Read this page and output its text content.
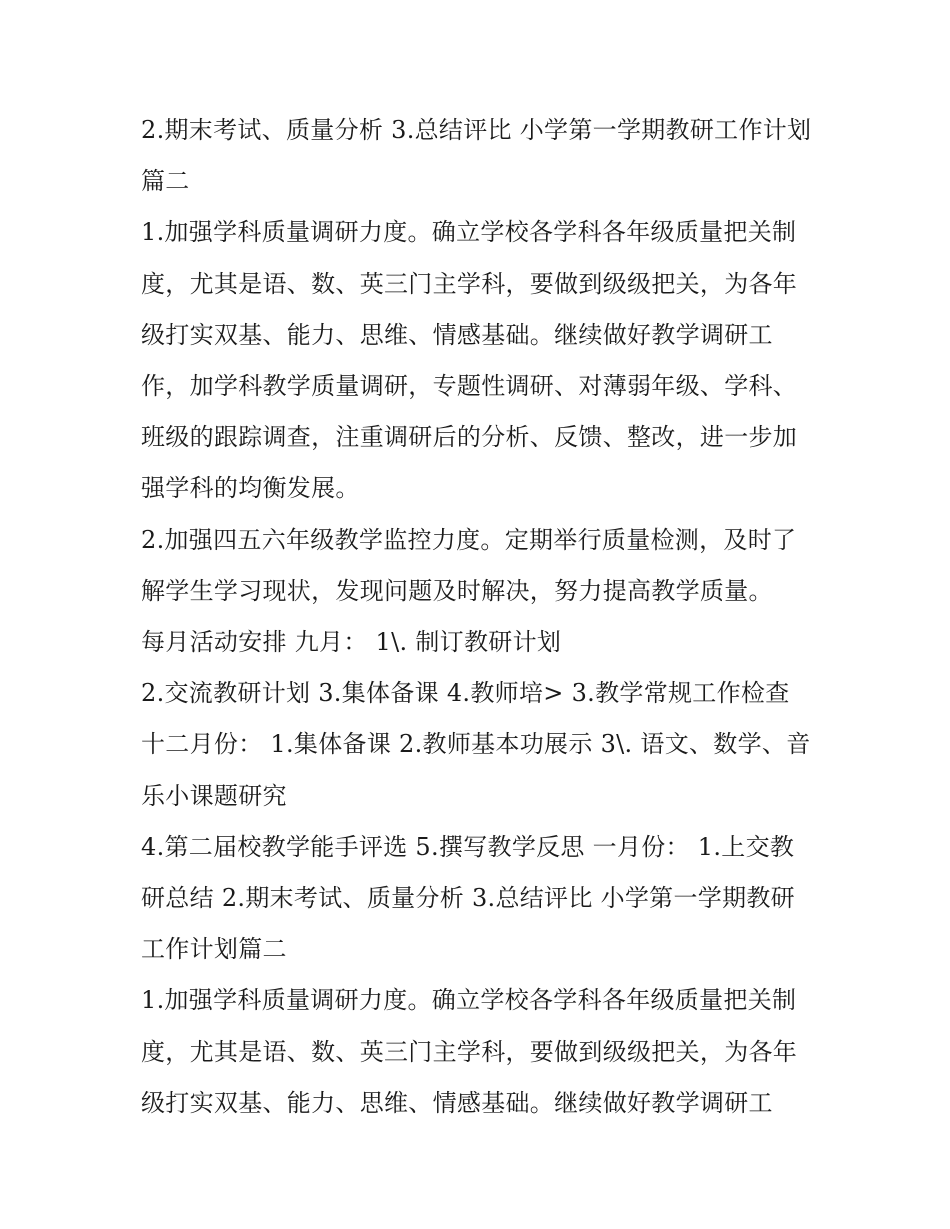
2.期末考试、质量分析 3.总结评比 小学第一学期教研工作计划篇二

1.加强学科质量调研力度。确立学校各学科各年级质量把关制度，尤其是语、数、英三门主学科，要做到级级把关，为各年级打实双基、能力、思维、情感基础。继续做好教学调研工作，加学科教学质量调研，专题性调研、对薄弱年级、学科、班级的跟踪调查，注重调研后的分析、反馈、整改，进一步加强学科的均衡发展。

2.加强四五六年级教学监控力度。定期举行质量检测，及时了解学生学习现状，发现问题及时解决，努力提高教学质量。

每月活动安排 九月： 1\. 制订教研计划

2.交流教研计划 3.集体备课 4.教师培> 3.教学常规工作检查 十二月份： 1.集体备课 2.教师基本功展示 3\. 语文、数学、音乐小课题研究

4.第二届校教学能手评选 5.撰写教学反思 一月份： 1.上交教研总结 2.期末考试、质量分析 3.总结评比 小学第一学期教研工作计划篇二

1.加强学科质量调研力度。确立学校各学科各年级质量把关制度，尤其是语、数、英三门主学科，要做到级级把关，为各年级打实双基、能力、思维、情感基础。继续做好教学调研工
